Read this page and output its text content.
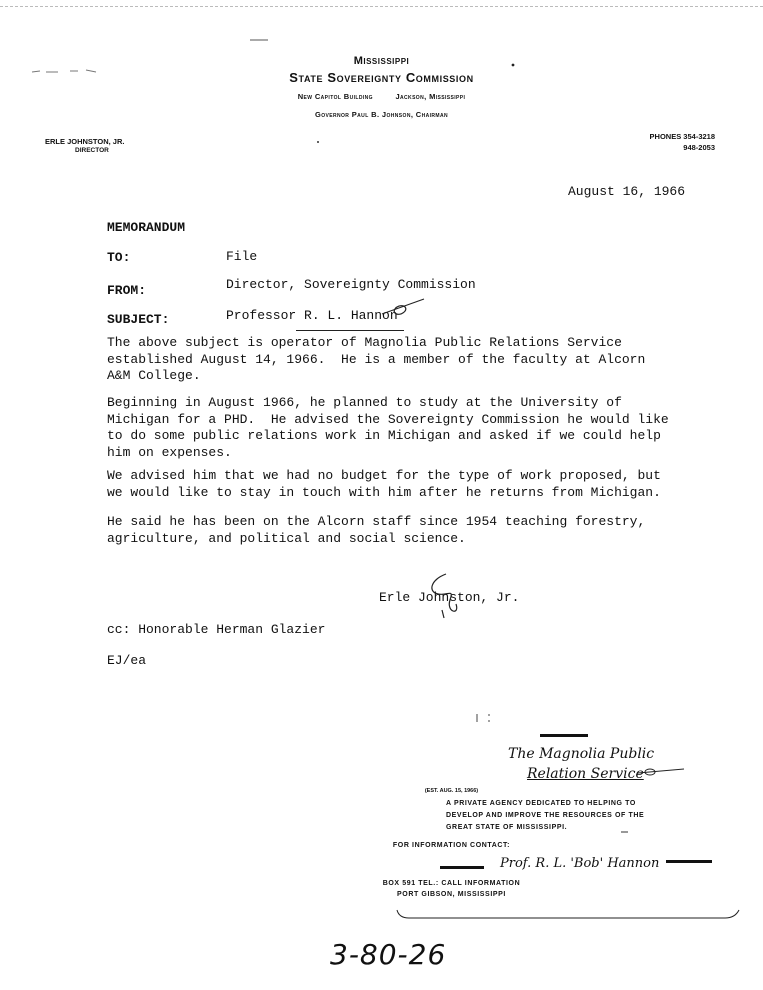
Mississippi
State Sovereignty Commission
New Capitol Building	Jackson, Mississippi
Governor Paul B. Johnson, Chairman
ERLE JOHNSTON, JR.
DIRECTOR
PHONES 354-3218
948-2053
August 16, 1966
MEMORANDUM
TO:	File
FROM:	Director, Sovereignty Commission
SUBJECT:	Professor R. L. Hannon
The above subject is operator of Magnolia Public Relations Service
established August 14, 1966.  He is a member of the faculty at Alcorn
A&M College.
Beginning in August 1966, he planned to study at the University of
Michigan for a PHD.  He advised the Sovereignty Commission he would like
to do some public relations work in Michigan and asked if we could help
him on expenses.
We advised him that we had no budget for the type of work proposed, but
we would like to stay in touch with him after he returns from Michigan.
He said he has been on the Alcorn staff since 1954 teaching forestry,
agriculture, and political and social science.
Erle Johnston, Jr.
cc: Honorable Herman Glazier
EJ/ea
The Magnolia Public
Relation Service
(EST. AUG. 15, 1966)
A PRIVATE AGENCY DEDICATED TO HELPING TO
DEVELOP AND IMPROVE THE RESOURCES OF THE
GREAT STATE OF MISSISSIPPI.
FOR INFORMATION CONTACT:
Prof. R. L. 'Bob' Hannon
BOX 591 TEL.: CALL INFORMATION
PORT GIBSON, MISSISSIPPI
3-80-26
